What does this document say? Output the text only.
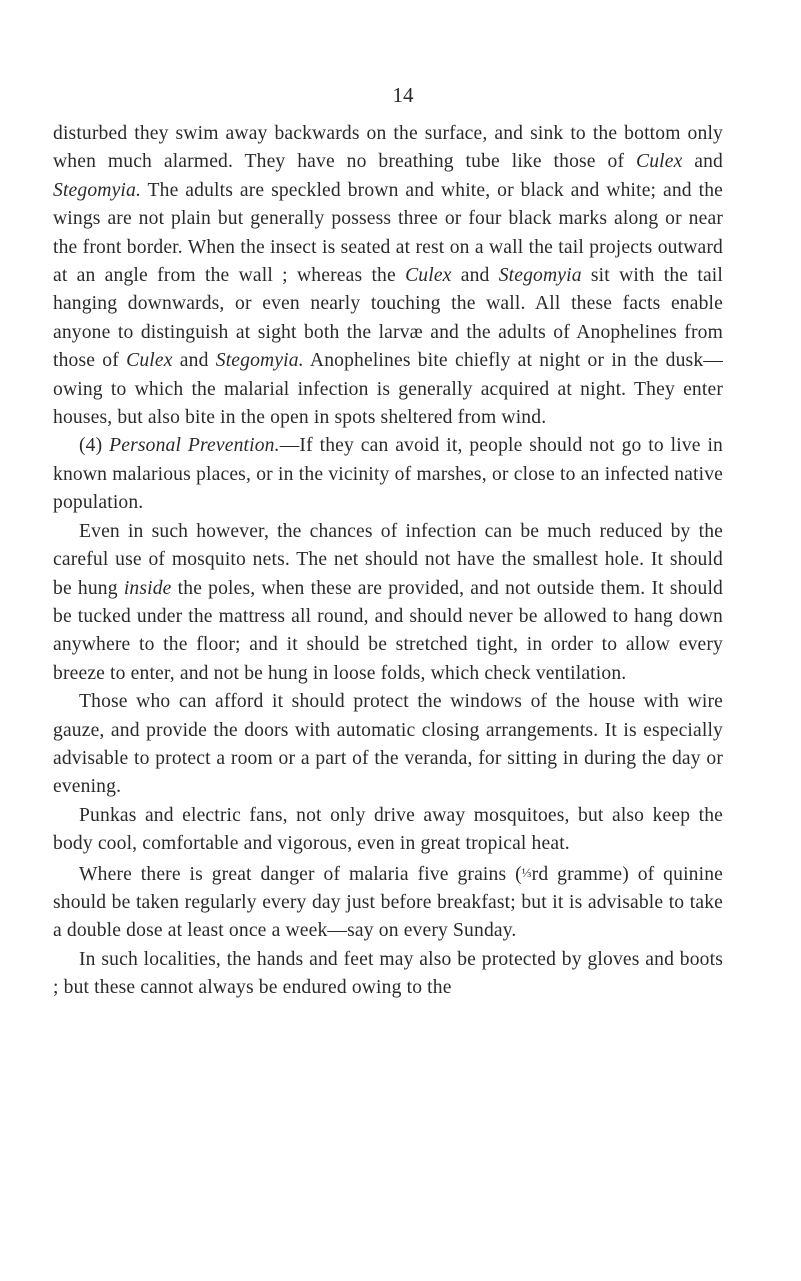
14

disturbed they swim away backwards on the surface, and sink to the bottom only when much alarmed. They have no breathing tube like those of Culex and Stegomyia. The adults are speckled brown and white, or black and white; and the wings are not plain but generally possess three or four black marks along or near the front border. When the insect is seated at rest on a wall the tail projects outward at an angle from the wall ; whereas the Culex and Stegomyia sit with the tail hanging downwards, or even nearly touching the wall. All these facts enable anyone to distinguish at sight both the larvæ and the adults of Anophelines from those of Culex and Stegomyia. Anophelines bite chiefly at night or in the dusk—owing to which the malarial infection is generally acquired at night. They enter houses, but also bite in the open in spots sheltered from wind.

(4) Personal Prevention.—If they can avoid it, people should not go to live in known malarious places, or in the vicinity of marshes, or close to an infected native population.

Even in such however, the chances of infection can be much reduced by the careful use of mosquito nets. The net should not have the smallest hole. It should be hung inside the poles, when these are provided, and not outside them. It should be tucked under the mattress all round, and should never be allowed to hang down anywhere to the floor; and it should be stretched tight, in order to allow every breeze to enter, and not be hung in loose folds, which check ventilation.

Those who can afford it should protect the windows of the house with wire gauze, and provide the doors with automatic closing arrangements. It is especially advisable to protect a room or a part of the veranda, for sitting in during the day or evening.

Punkas and electric fans, not only drive away mosquitoes, but also keep the body cool, comfortable and vigorous, even in great tropical heat.

Where there is great danger of malaria five grains (⅓rd gramme) of quinine should be taken regularly every day just before breakfast; but it is advisable to take a double dose at least once a week—say on every Sunday.

In such localities, the hands and feet may also be protected by gloves and boots ; but these cannot always be endured owing to the
